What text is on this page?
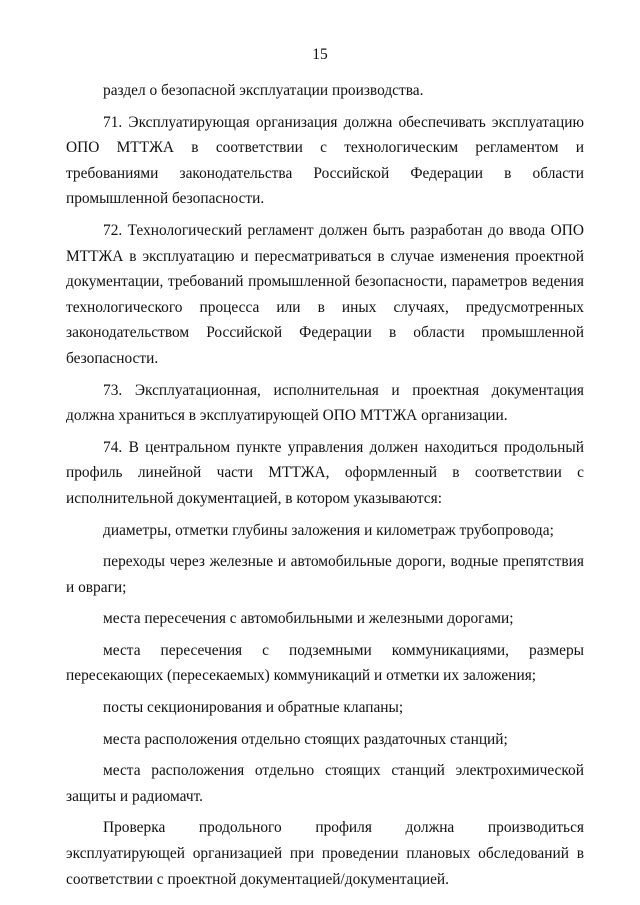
15

раздел о безопасной эксплуатации производства.

71. Эксплуатирующая организация должна обеспечивать эксплуатацию ОПО МТТЖА в соответствии с технологическим регламентом и требованиями законодательства Российской Федерации в области промышленной безопасности.

72. Технологический регламент должен быть разработан до ввода ОПО МТТЖА в эксплуатацию и пересматриваться в случае изменения проектной документации, требований промышленной безопасности, параметров ведения технологического процесса или в иных случаях, предусмотренных законодательством Российской Федерации в области промышленной безопасности.

73. Эксплуатационная, исполнительная и проектная документация должна храниться в эксплуатирующей ОПО МТТЖА организации.

74. В центральном пункте управления должен находиться продольный профиль линейной части МТТЖА, оформленный в соответствии с исполнительной документацией, в котором указываются:

диаметры, отметки глубины заложения и километраж трубопровода;

переходы через железные и автомобильные дороги, водные препятствия и овраги;

места пересечения с автомобильными и железными дорогами;

места пересечения с подземными коммуникациями, размеры пересекающих (пересекаемых) коммуникаций и отметки их заложения;

посты секционирования и обратные клапаны;

места расположения отдельно стоящих раздаточных станций;

места расположения отдельно стоящих станций электрохимической защиты и радиомачт.

Проверка продольного профиля должна производиться эксплуатирующей организацией при проведении плановых обследований в соответствии с проектной документацией/документацией.
